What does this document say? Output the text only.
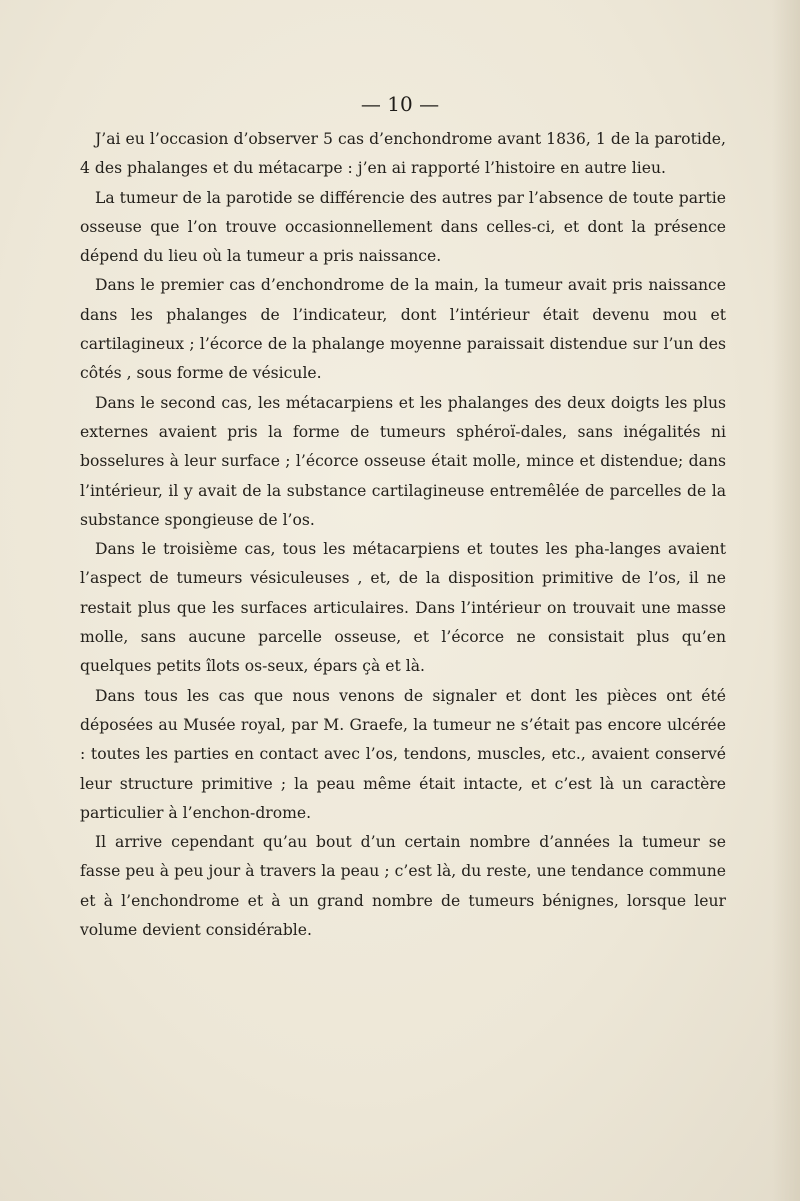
— 10 —

J’ai eu l’occasion d’observer 5 cas d’enchondrome avant 1836, 1 de la parotide, 4 des phalanges et du métacarpe : j’en ai rapporté l’histoire en autre lieu.

La tumeur de la parotide se différencie des autres par l’absence de toute partie osseuse que l’on trouve occasionnellement dans celles-ci, et dont la présence dépend du lieu où la tumeur a pris naissance.

Dans le premier cas d’enchondrome de la main, la tumeur avait pris naissance dans les phalanges de l’indicateur, dont l’intérieur était devenu mou et cartilagineux ; l’écorce de la phalange moyenne paraissait distendue sur l’un des côtés , sous forme de vésicule.

Dans le second cas, les métacarpiens et les phalanges des deux doigts les plus externes avaient pris la forme de tumeurs sphéroï-dales, sans inégalités ni bosselures à leur surface ; l’écorce osseuse était molle, mince et distendue; dans l’intérieur, il y avait de la substance cartilagineuse entremêlée de parcelles de la substance spongieuse de l’os.

Dans le troisième cas, tous les métacarpiens et toutes les pha-langes avaient l’aspect de tumeurs vésiculeuses , et, de la disposition primitive de l’os, il ne restait plus que les surfaces articulaires. Dans l’intérieur on trouvait une masse molle, sans aucune parcelle osseuse, et l’écorce ne consistait plus qu’en quelques petits îlots os-seux, épars çà et là.

Dans tous les cas que nous venons de signaler et dont les pièces ont été déposées au Musée royal, par M. Graefe, la tumeur ne s’était pas encore ulcérée : toutes les parties en contact avec l’os, tendons, muscles, etc., avaient conservé leur structure primitive ; la peau même était intacte, et c’est là un caractère particulier à l’enchon-drome.

Il arrive cependant qu’au bout d’un certain nombre d’années la tumeur se fasse peu à peu jour à travers la peau ; c’est là, du reste, une tendance commune et à l’enchondrome et à un grand nombre de tumeurs bénignes, lorsque leur volume devient considérable.
